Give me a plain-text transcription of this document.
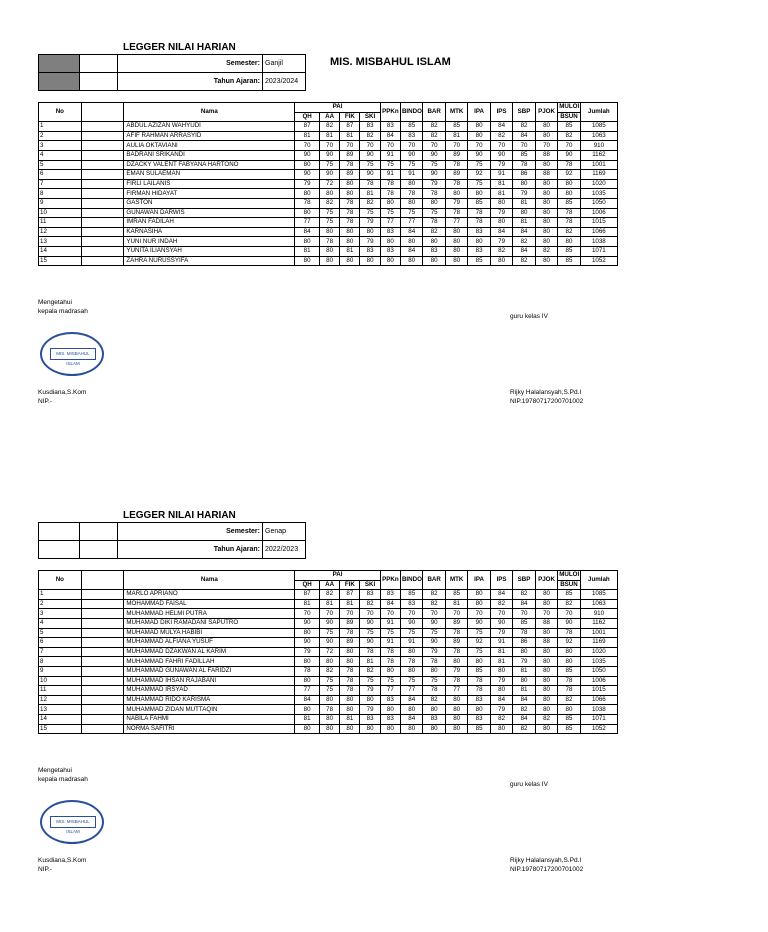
LEGGER NILAI HARIAN
		Semester:	Ganjil
		Tahun Ajaran:	2023/2024
MIS. MISBAHUL ISLAM
No		Nama	PAI				PPKn	BINDO	BAR	MTK	IPA	IPS	SBP	PJOK	MULOI	Jumlah
			QH	AA	FIK	SKI									BSUN	
1		ABDUL AZIZAN WAHYUDI	87	82	87	83	83	85	82	85	80	84	82	80	85	1085
2		AFIF RAHMAN ARRASYID	81	81	81	82	84	83	82	81	80	82	84	80	82	1063
3		AULIA OKTAVIANI	70	70	70	70	70	70	70	70	70	70	70	70	70	910
4		BADRANI SRIKANDI	90	90	89	90	91	90	90	89	90	90	85	88	90	1162
5		DZACKY VALENT FABYANA HARTONO	80	75	78	75	75	75	75	78	75	79	78	80	78	1001
6		EMAN SULAEMAN	90	90	89	90	91	91	90	89	92	91	86	88	92	1169
7		FIRLI LAILANIS	79	72	80	78	78	80	79	78	75	81	80	80	80	1020
8		FIRMAN HIDAYAT	80	80	80	81	78	78	78	80	80	81	79	80	80	1035
9		GASTON	78	82	78	82	80	80	80	79	85	80	81	80	85	1050
10		GUNAWAN DARWIS	80	75	78	75	75	75	75	78	78	79	80	80	78	1006
11		IMRAN FADILAH	77	75	78	79	77	77	78	77	78	80	81	80	78	1015
12		KARNASIHA	84	80	80	80	83	84	82	80	83	84	84	80	82	1066
13		YUNI NUR INDAH	80	78	80	79	80	80	80	80	80	79	82	80	80	1038
14		YUNITA ILIANSYAH	81	80	81	83	83	84	83	80	83	82	84	82	85	1071
15		ZAHRA NURUSSYIFA	80	80	80	80	80	80	80	80	85	80	82	80	85	1052
Mengetahui
kepala madrasah
MIS. MISBAHUL ISLAM
Kusdiana,S.Kom
NIP.-
guru kelas IV
Rijky Halalansyah,S.Pd.I
NIP.19780717200701002
LEGGER NILAI HARIAN
		Semester:	Genap
		Tahun Ajaran:	2022/2023
No		Nama	PAI				PPKn	BINDO	BAR	MTK	IPA	IPS	SBP	PJOK	MULOI	Jumlah
			QH	AA	FIK	SKI									BSUN	
1		MARLO APRIANO	87	82	87	83	83	85	82	85	80	84	82	80	85	1085
2		MOHAMMAD FAISAL	81	81	81	82	84	83	82	81	80	82	84	80	82	1063
3		MUHAMMAD HELMI PUTRA	70	70	70	70	70	70	70	70	70	70	70	70	70	910
4		MUHAMAD DIKI RAMADANI SAPUTRO	90	90	89	90	91	90	90	89	90	90	85	88	90	1162
5		MUHAMAD MULYA HABIBI	80	75	78	75	75	75	75	78	75	79	78	80	78	1001
6		MUHAMMAD ALFIANA YUSUF	90	90	89	90	91	91	90	89	92	91	86	88	92	1169
7		MUHAMMAD DZAKWAN AL KARIM	79	72	80	78	78	80	79	78	75	81	80	80	80	1020
8		MUHAMMAD FAHRI FADILLAH	80	80	80	81	78	78	78	80	80	81	79	80	80	1035
9		MUHAMMAD GUNAWAN AL FARIDZI	78	82	78	82	80	80	80	79	85	80	81	80	85	1050
10		MUHAMMAD IHSAN RAJABANI	80	75	78	75	75	75	75	78	78	79	80	80	78	1006
11		MUHAMMAD IRSYAD	77	75	78	79	77	77	78	77	78	80	81	80	78	1015
12		MUHAMMAD RIDO KARISMA	84	80	80	80	83	84	82	80	83	84	84	80	82	1066
13		MUHAMMAD ZIDAN MUTTAQIN	80	78	80	79	80	80	80	80	80	79	82	80	80	1038
14		NABILA FAHMI	81	80	81	83	83	84	83	80	83	82	84	82	85	1071
15		NORMA SAFITRI	80	80	80	80	80	80	80	80	85	80	82	80	85	1052
Mengetahui
kepala madrasah
MIS. MISBAHUL ISLAM
Kusdiana,S.Kom
NIP.-
guru kelas IV
Rijky Halalansyah,S.Pd.I
NIP.19780717200701002
